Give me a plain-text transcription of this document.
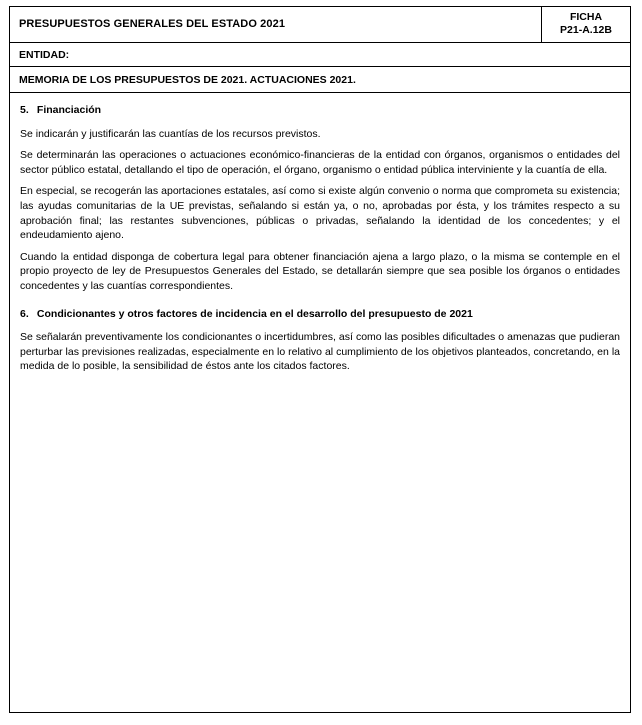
PRESUPUESTOS GENERALES DEL ESTADO 2021
FICHA
P21-A.12B
ENTIDAD:
MEMORIA DE LOS PRESUPUESTOS DE 2021. ACTUACIONES 2021.
5. Financiación

Se indicarán y justificarán las cuantías de los recursos previstos.

Se determinarán las operaciones o actuaciones económico-financieras de la entidad con órganos, organismos o entidades del sector público estatal, detallando el tipo de operación, el órgano, organismo o entidad pública interviniente y la cuantía de ella.

En especial, se recogerán las aportaciones estatales, así como si existe algún convenio o norma que comprometa su existencia; las ayudas comunitarias de la UE previstas, señalando si están ya, o no, aprobadas por ésta, y los trámites respecto a su aprobación final; las restantes subvenciones, públicas o privadas, señalando la identidad de los concedentes; y el endeudamiento ajeno.

Cuando la entidad disponga de cobertura legal para obtener financiación ajena a largo plazo, o la misma se contemple en el propio proyecto de ley de Presupuestos Generales del Estado, se detallarán siempre que sea posible los órganos o entidades concedentes y las cuantías correspondientes.

6. Condicionantes y otros factores de incidencia en el desarrollo del presupuesto de 2021

Se señalarán preventivamente los condicionantes o incertidumbres, así como las posibles dificultades o amenazas que pudieran perturbar las previsiones realizadas, especialmente en lo relativo al cumplimiento de los objetivos planteados, concretando, en la medida de lo posible, la sensibilidad de éstos ante los citados factores.
